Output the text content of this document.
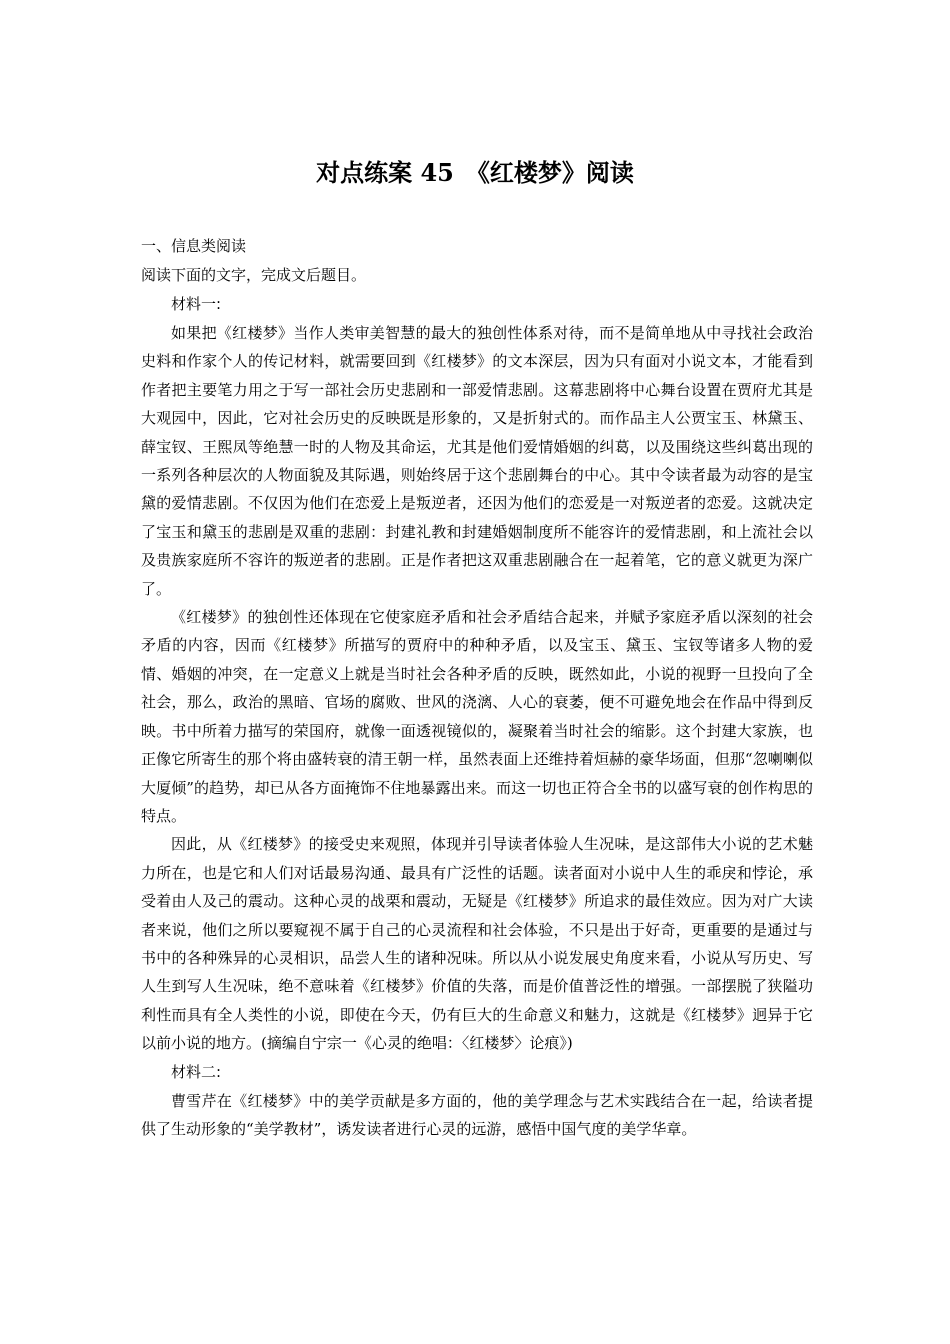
对点练案 45　《红楼梦》阅读

一、信息类阅读

阅读下面的文字，完成文后题目。

材料一:

如果把《红楼梦》当作人类审美智慧的最大的独创性体系对待，而不是简单地从中寻找社会政治史料和作家个人的传记材料，就需要回到《红楼梦》的文本深层，因为只有面对小说文本，才能看到作者把主要笔力用之于写一部社会历史悲剧和一部爱情悲剧。这幕悲剧将中心舞台设置在贾府尤其是大观园中，因此，它对社会历史的反映既是形象的，又是折射式的。而作品主人公贾宝玉、林黛玉、薛宝钗、王熙凤等绝慧一时的人物及其命运，尤其是他们爱情婚姻的纠葛，以及围绕这些纠葛出现的一系列各种层次的人物面貌及其际遇，则始终居于这个悲剧舞台的中心。其中令读者最为动容的是宝黛的爱情悲剧。不仅因为他们在恋爱上是叛逆者，还因为他们的恋爱是一对叛逆者的恋爱。这就决定了宝玉和黛玉的悲剧是双重的悲剧：封建礼教和封建婚姻制度所不能容许的爱情悲剧，和上流社会以及贵族家庭所不容许的叛逆者的悲剧。正是作者把这双重悲剧融合在一起着笔，它的意义就更为深广了。

《红楼梦》的独创性还体现在它使家庭矛盾和社会矛盾结合起来，并赋予家庭矛盾以深刻的社会矛盾的内容，因而《红楼梦》所描写的贾府中的种种矛盾，以及宝玉、黛玉、宝钗等诸多人物的爱情、婚姻的冲突，在一定意义上就是当时社会各种矛盾的反映，既然如此，小说的视野一旦投向了全社会，那么，政治的黑暗、官场的腐败、世风的浇漓、人心的衰萎，便不可避免地会在作品中得到反映。书中所着力描写的荣国府，就像一面透视镜似的，凝聚着当时社会的缩影。这个封建大家族，也正像它所寄生的那个将由盛转衰的清王朝一样，虽然表面上还维持着烜赫的豪华场面，但那“忽喇喇似大厦倾”的趋势，却已从各方面掩饰不住地暴露出来。而这一切也正符合全书的以盛写衰的创作构思的特点。

因此，从《红楼梦》的接受史来观照，体现并引导读者体验人生况味，是这部伟大小说的艺术魅力所在，也是它和人们对话最易沟通、最具有广泛性的话题。读者面对小说中人生的乖戾和悖论，承受着由人及己的震动。这种心灵的战栗和震动，无疑是《红楼梦》所追求的最佳效应。因为对广大读者来说，他们之所以要窥视不属于自己的心灵流程和社会体验，不只是出于好奇，更重要的是通过与书中的各种殊异的心灵相识，品尝人生的诸种况味。所以从小说发展史角度来看，小说从写历史、写人生到写人生况味，绝不意味着《红楼梦》价值的失落，而是价值普泛性的增强。一部摆脱了狭隘功利性而具有全人类性的小说，即使在今天，仍有巨大的生命意义和魅力，这就是《红楼梦》迥异于它以前小说的地方。(摘编自宁宗一《心灵的绝唱：〈红楼梦〉论痕》)

材料二:

曹雪芹在《红楼梦》中的美学贡献是多方面的，他的美学理念与艺术实践结合在一起，给读者提供了生动形象的“美学教材”，诱发读者进行心灵的远游，感悟中国气度的美学华章。
